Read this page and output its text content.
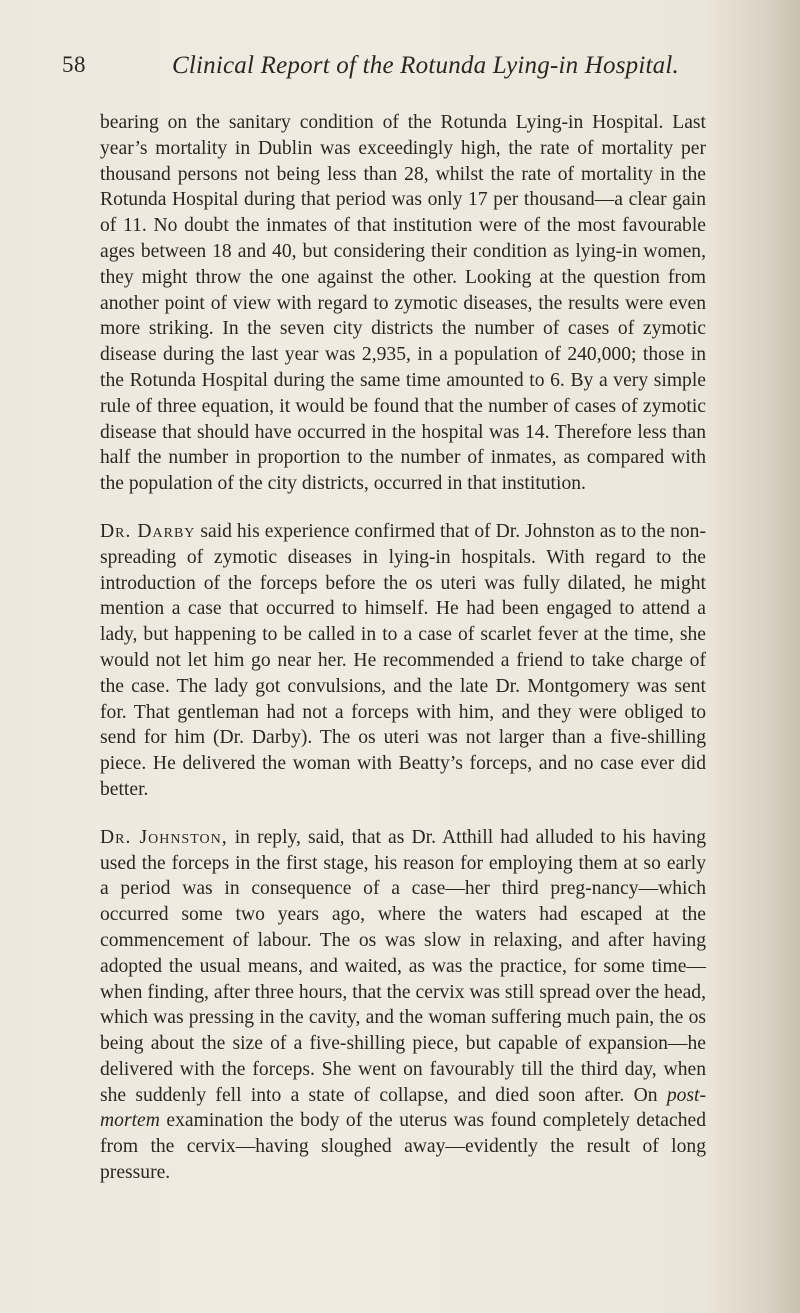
58	Clinical Report of the Rotunda Lying-in Hospital.

bearing on the sanitary condition of the Rotunda Lying-in Hospital. Last year’s mortality in Dublin was exceedingly high, the rate of mortality per thousand persons not being less than 28, whilst the rate of mortality in the Rotunda Hospital during that period was only 17 per thousand—a clear gain of 11. No doubt the inmates of that institution were of the most favourable ages between 18 and 40, but considering their condition as lying-in women, they might throw the one against the other. Looking at the question from another point of view with regard to zymotic diseases, the results were even more striking. In the seven city districts the number of cases of zymotic disease during the last year was 2,935, in a population of 240,000; those in the Rotunda Hospital during the same time amounted to 6. By a very simple rule of three equation, it would be found that the number of cases of zymotic disease that should have occurred in the hospital was 14. Therefore less than half the number in proportion to the number of inmates, as compared with the population of the city districts, occurred in that institution.

Dr. Darby said his experience confirmed that of Dr. Johnston as to the non-spreading of zymotic diseases in lying-in hospitals. With regard to the introduction of the forceps before the os uteri was fully dilated, he might mention a case that occurred to himself. He had been engaged to attend a lady, but happening to be called in to a case of scarlet fever at the time, she would not let him go near her. He recommended a friend to take charge of the case. The lady got convulsions, and the late Dr. Montgomery was sent for. That gentleman had not a forceps with him, and they were obliged to send for him (Dr. Darby). The os uteri was not larger than a five-shilling piece. He delivered the woman with Beatty’s forceps, and no case ever did better.

Dr. Johnston, in reply, said, that as Dr. Atthill had alluded to his having used the forceps in the first stage, his reason for employing them at so early a period was in consequence of a case—her third preg-nancy—which occurred some two years ago, where the waters had escaped at the commencement of labour. The os was slow in relaxing, and after having adopted the usual means, and waited, as was the practice, for some time—when finding, after three hours, that the cervix was still spread over the head, which was pressing in the cavity, and the woman suffering much pain, the os being about the size of a five-shilling piece, but capable of expansion—he delivered with the forceps. She went on favourably till the third day, when she suddenly fell into a state of collapse, and died soon after. On post-mortem examination the body of the uterus was found completely detached from the cervix—having sloughed away—evidently the result of long pressure.
